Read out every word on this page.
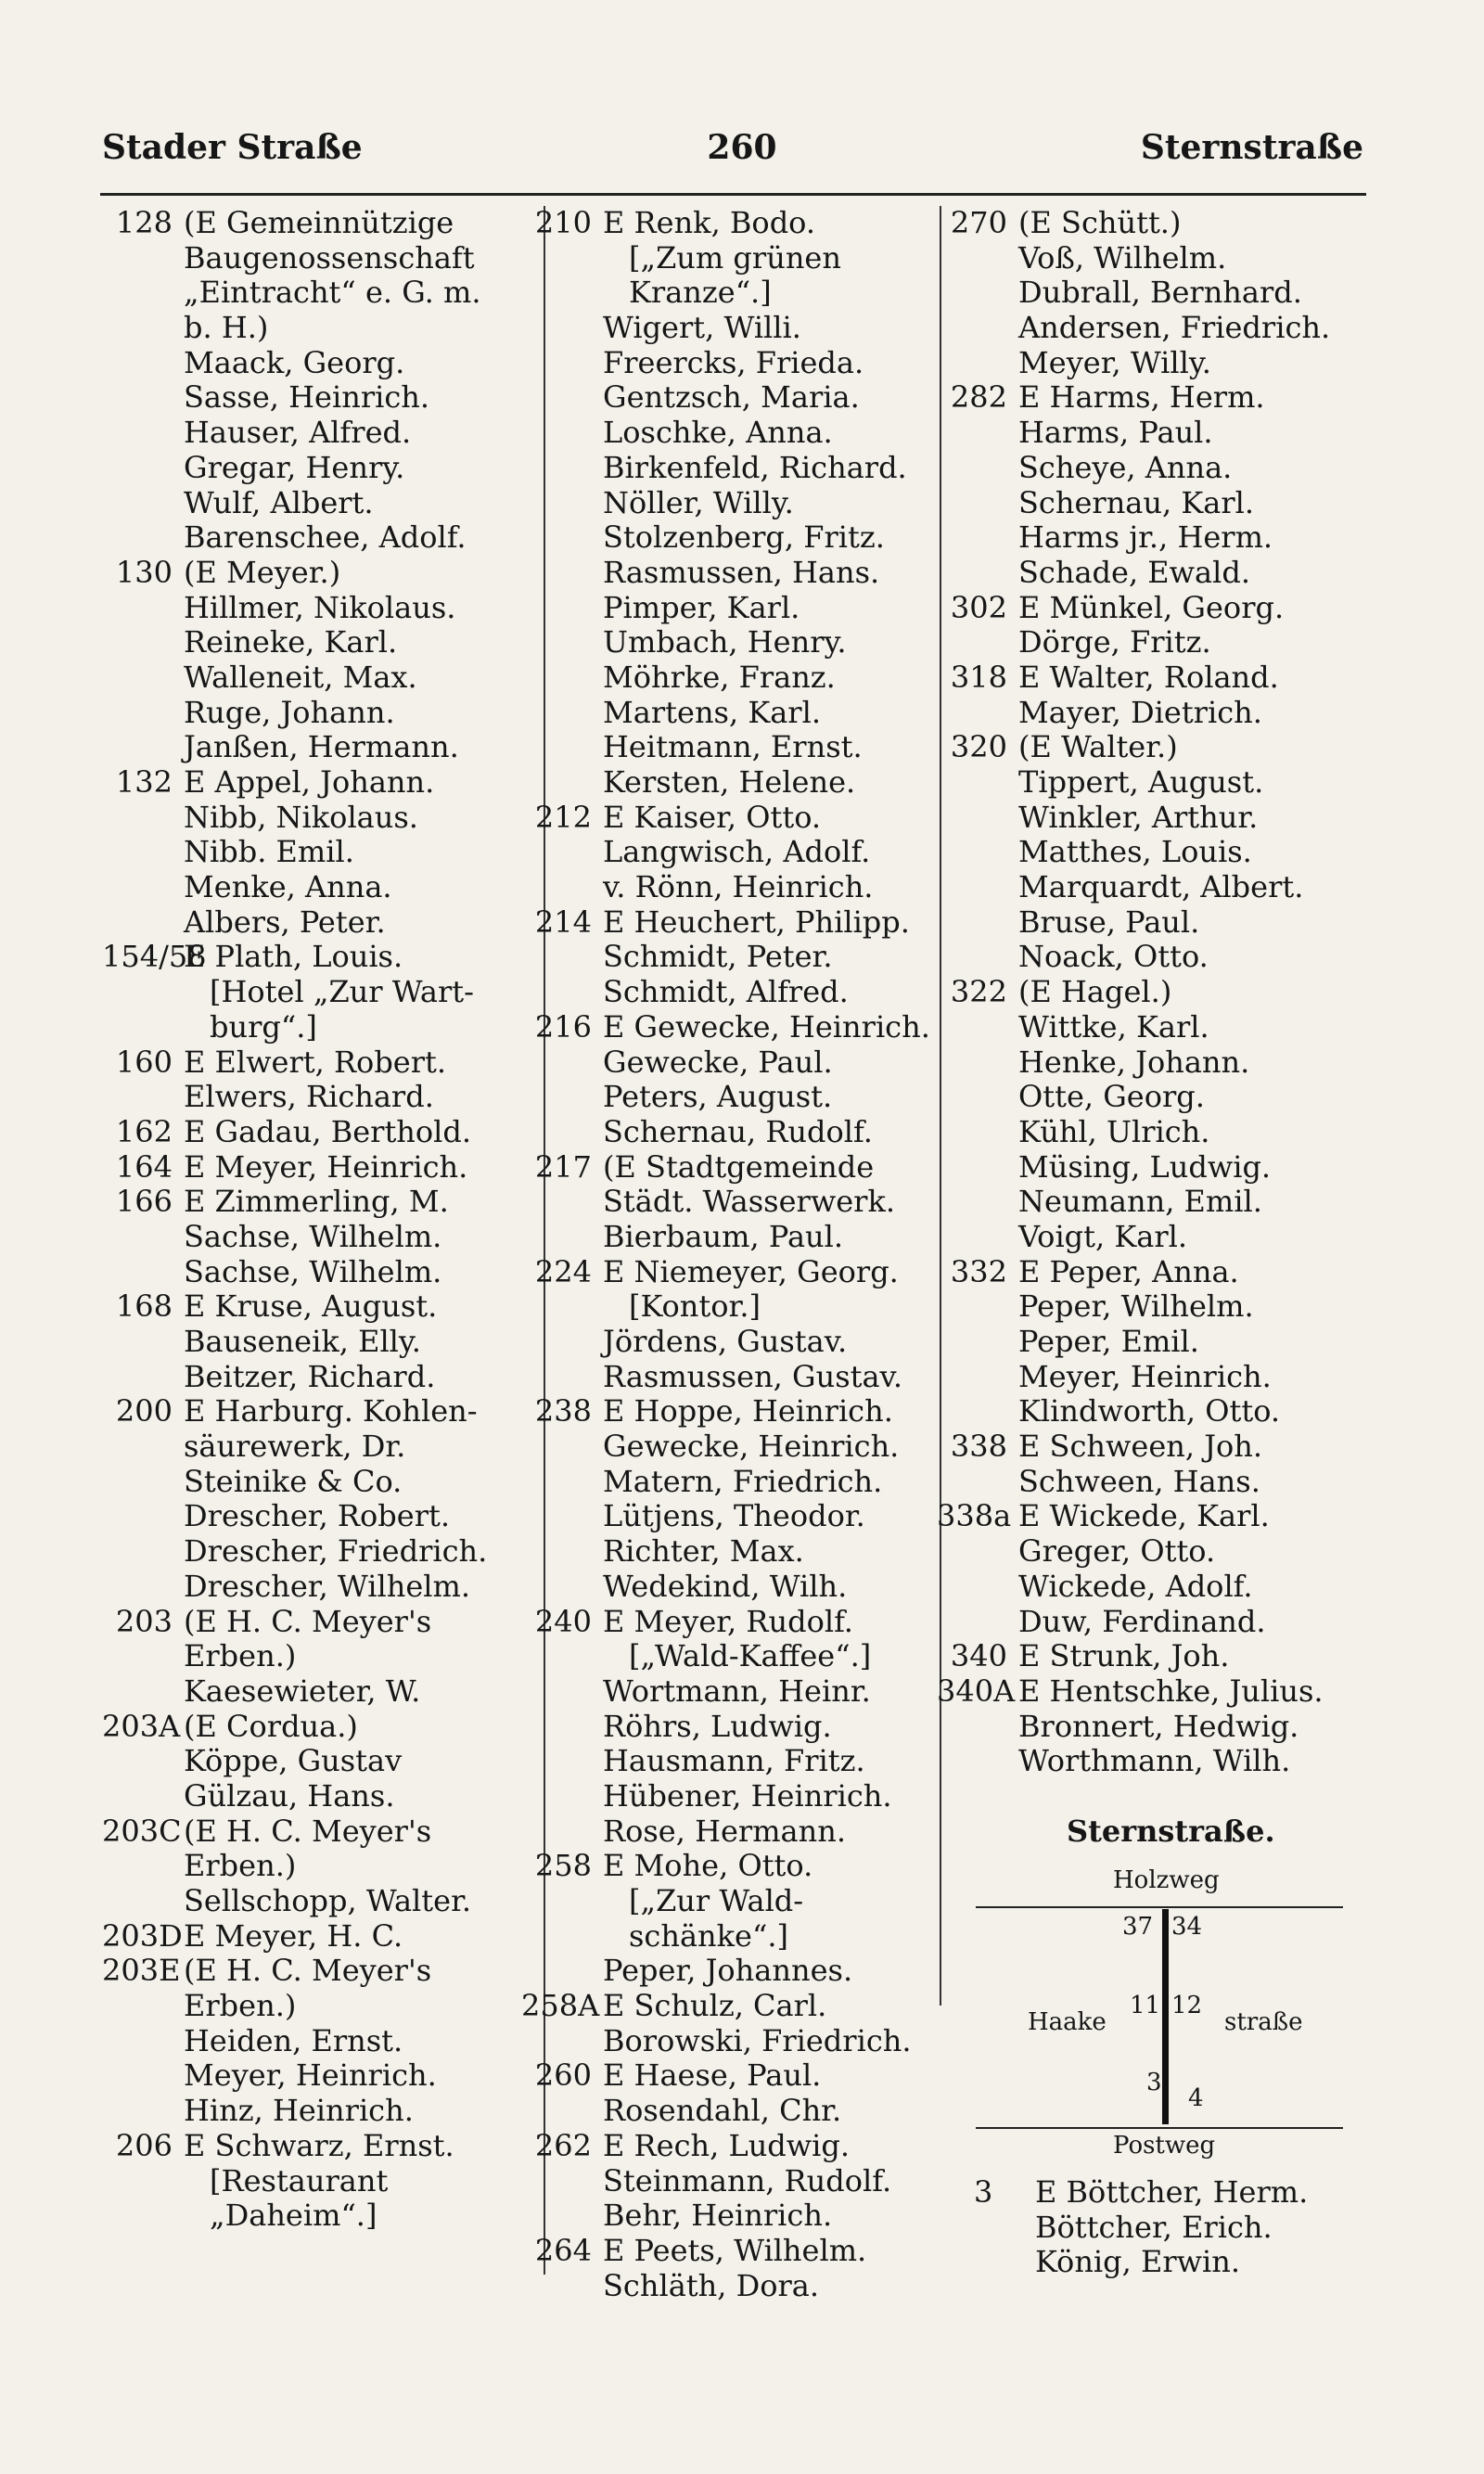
Stader Straße	260	Sternstraße
128 (E Gemeinnützige
Baugenossenschaft
„Eintracht“ e. G. m.
b. H.)
Maack, Georg.
Sasse, Heinrich.
Hauser, Alfred.
Gregar, Henry.
Wulf, Albert.
Barenschee, Adolf.
130 (E Meyer.)
Hillmer, Nikolaus.
Reineke, Karl.
Walleneit, Max.
Ruge, Johann.
Janßen, Hermann.
132 E Appel, Johann.
Nibb, Nikolaus.
Nibb. Emil.
Menke, Anna.
Albers, Peter.
154/58E Plath, Louis.
[Hotel „Zur Wart-
burg“.]
160 E Elwert, Robert.
Elwers, Richard.
162 E Gadau, Berthold.
164 E Meyer, Heinrich.
166 E Zimmerling, M.
Sachse, Wilhelm.
Sachse, Wilhelm.
168 E Kruse, August.
Bauseneik, Elly.
Beitzer, Richard.
200 E Harburg. Kohlen-
säurewerk, Dr.
Steinike & Co.
Drescher, Robert.
Drescher, Friedrich.
Drescher, Wilhelm.
203 (E H. C. Meyer's
Erben.)
Kaesewieter, W.
203A (E Cordua.)
Köppe, Gustav
Gülzau, Hans.
203C(E H. C. Meyer's
Erben.)
Sellschopp, Walter.
203DE Meyer, H. C.
203E (E H. C. Meyer's
Erben.)
Heiden, Ernst.
Meyer, Heinrich.
Hinz, Heinrich.
206 E Schwarz, Ernst.
[Restaurant
„Daheim“.]
210 E Renk, Bodo.
[„Zum grünen
Kranze“.]
Wigert, Willi.
Freercks, Frieda.
Gentzsch, Maria.
Loschke, Anna.
Birkenfeld, Richard.
Nöller, Willy.
Stolzenberg, Fritz.
Rasmussen, Hans.
Pimper, Karl.
Umbach, Henry.
Möhrke, Franz.
Martens, Karl.
Heitmann, Ernst.
Kersten, Helene.
212 E Kaiser, Otto.
Langwisch, Adolf.
v. Rönn, Heinrich.
214 E Heuchert, Philipp.
Schmidt, Peter.
Schmidt, Alfred.
216 E Gewecke, Heinrich.
Gewecke, Paul.
Peters, August.
Schernau, Rudolf.
217 (E Stadtgemeinde
Städt. Wasserwerk.
Bierbaum, Paul.
224 E Niemeyer, Georg.
[Kontor.]
Jördens, Gustav.
Rasmussen, Gustav.
238 E Hoppe, Heinrich.
Gewecke, Heinrich.
Matern, Friedrich.
Lütjens, Theodor.
Richter, Max.
Wedekind, Wilh.
240 E Meyer, Rudolf.
[„Wald-Kaffee“.]
Wortmann, Heinr.
Röhrs, Ludwig.
Hausmann, Fritz.
Hübener, Heinrich.
Rose, Hermann.
258 E Mohe, Otto.
[„Zur Wald-
schänke“.]
Peper, Johannes.
258A E Schulz, Carl.
Borowski, Friedrich.
260 E Haese, Paul.
Rosendahl, Chr.
262 E Rech, Ludwig.
Steinmann, Rudolf.
Behr, Heinrich.
264 E Peets, Wilhelm.
Schläth, Dora.
270 (E Schütt.)
Voß, Wilhelm.
Dubrall, Bernhard.
Andersen, Friedrich.
Meyer, Willy.
282 E Harms, Herm.
Harms, Paul.
Scheye, Anna.
Schernau, Karl.
Harms jr., Herm.
Schade, Ewald.
302 E Münkel, Georg.
Dörge, Fritz.
318 E Walter, Roland.
Mayer, Dietrich.
320 (E Walter.)
Tippert, August.
Winkler, Arthur.
Matthes, Louis.
Marquardt, Albert.
Bruse, Paul.
Noack, Otto.
322 (E Hagel.)
Wittke, Karl.
Henke, Johann.
Otte, Georg.
Kühl, Ulrich.
Müsing, Ludwig.
Neumann, Emil.
Voigt, Karl.
332 E Peper, Anna.
Peper, Wilhelm.
Peper, Emil.
Meyer, Heinrich.
Klindworth, Otto.
338 E Schween, Joh.
Schween, Hans.
338a E Wickede, Karl.
Greger, Otto.
Wickede, Adolf.
Duw, Ferdinand.
340 E Strunk, Joh.
340A E Hentschke, Julius.
Bronnert, Hedwig.
Worthmann, Wilh.
Sternstraße.
Holzweg
37 34
11 12
Haake	straße
3
4
Postweg
3 E Böttcher, Herm.
Böttcher, Erich.
König, Erwin.
